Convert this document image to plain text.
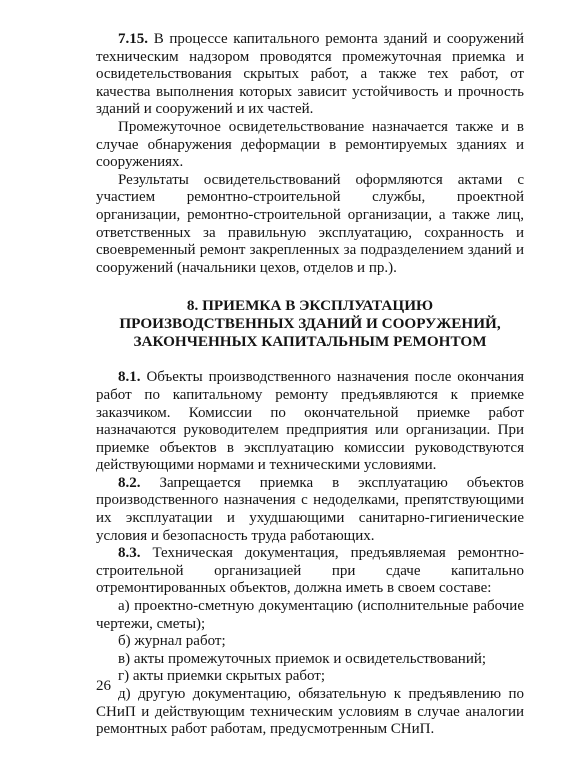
7.15. В процессе капитального ремонта зданий и сооружений техническим надзором проводятся промежуточная приемка и освидетельствования скрытых работ, а также тех работ, от качества выполнения которых зависит устойчивость и прочность зданий и сооружений и их частей.

Промежуточное освидетельствование назначается также и в случае обнаружения деформации в ремонтируемых зданиях и сооружениях.

Результаты освидетельствований оформляются актами с участием ремонтно-строительной службы, проектной организации, ремонтно-строительной организации, а также лиц, ответственных за правильную эксплуатацию, сохранность и своевременный ремонт закрепленных за подразделением зданий и сооружений (начальники цехов, отделов и пр.).

8. ПРИЕМКА В ЭКСПЛУАТАЦИЮ
ПРОИЗВОДСТВЕННЫХ ЗДАНИЙ И СООРУЖЕНИЙ,
ЗАКОНЧЕННЫХ КАПИТАЛЬНЫМ РЕМОНТОМ

8.1. Объекты производственного назначения после окончания работ по капитальному ремонту предъявляются к приемке заказчиком. Комиссии по окончательной приемке работ назначаются руководителем предприятия или организации. При приемке объектов в эксплуатацию комиссии руководствуются действующими нормами и техническими условиями.

8.2. Запрещается приемка в эксплуатацию объектов производственного назначения с недоделками, препятствующими их эксплуатации и ухудшающими санитарно-гигиенические условия и безопасность труда работающих.

8.3. Техническая документация, предъявляемая ремонтно-строительной организацией при сдаче капитально отремонтированных объектов, должна иметь в своем составе:

а) проектно-сметную документацию (исполнительные рабочие чертежи, сметы);

б) журнал работ;

в) акты промежуточных приемок и освидетельствований;

г) акты приемки скрытых работ;

д) другую документацию, обязательную к предъявлению по СНиП и действующим техническим условиям в случае аналогии ремонтных работ работам, предусмотренным СНиП.

26
